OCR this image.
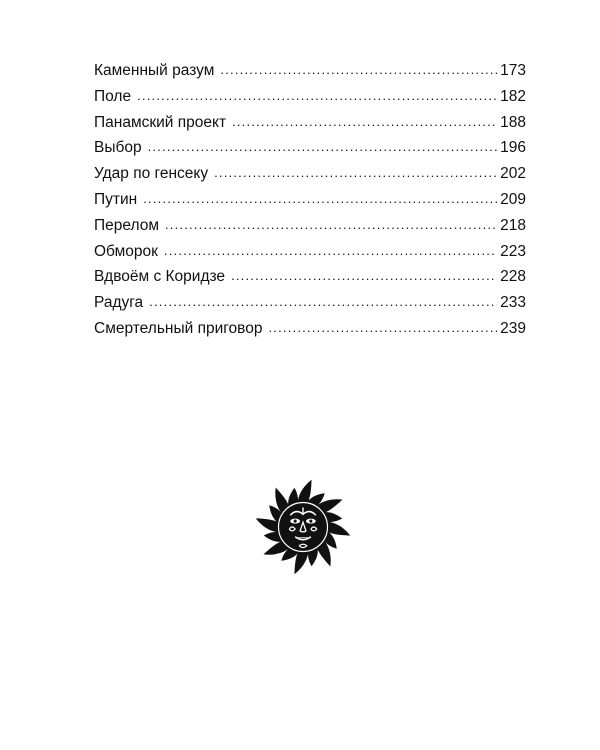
Каменный разум .....	173
Поле .....	182
Панамский проект .....	188
Выбор .....	196
Удар по генсеку .....	202
Путин .....	209
Перелом .....	218
Обморок .....	223
Вдвоём с Коридзе .....	228
Радуга .....	233
Смертельный приговор .....	239
